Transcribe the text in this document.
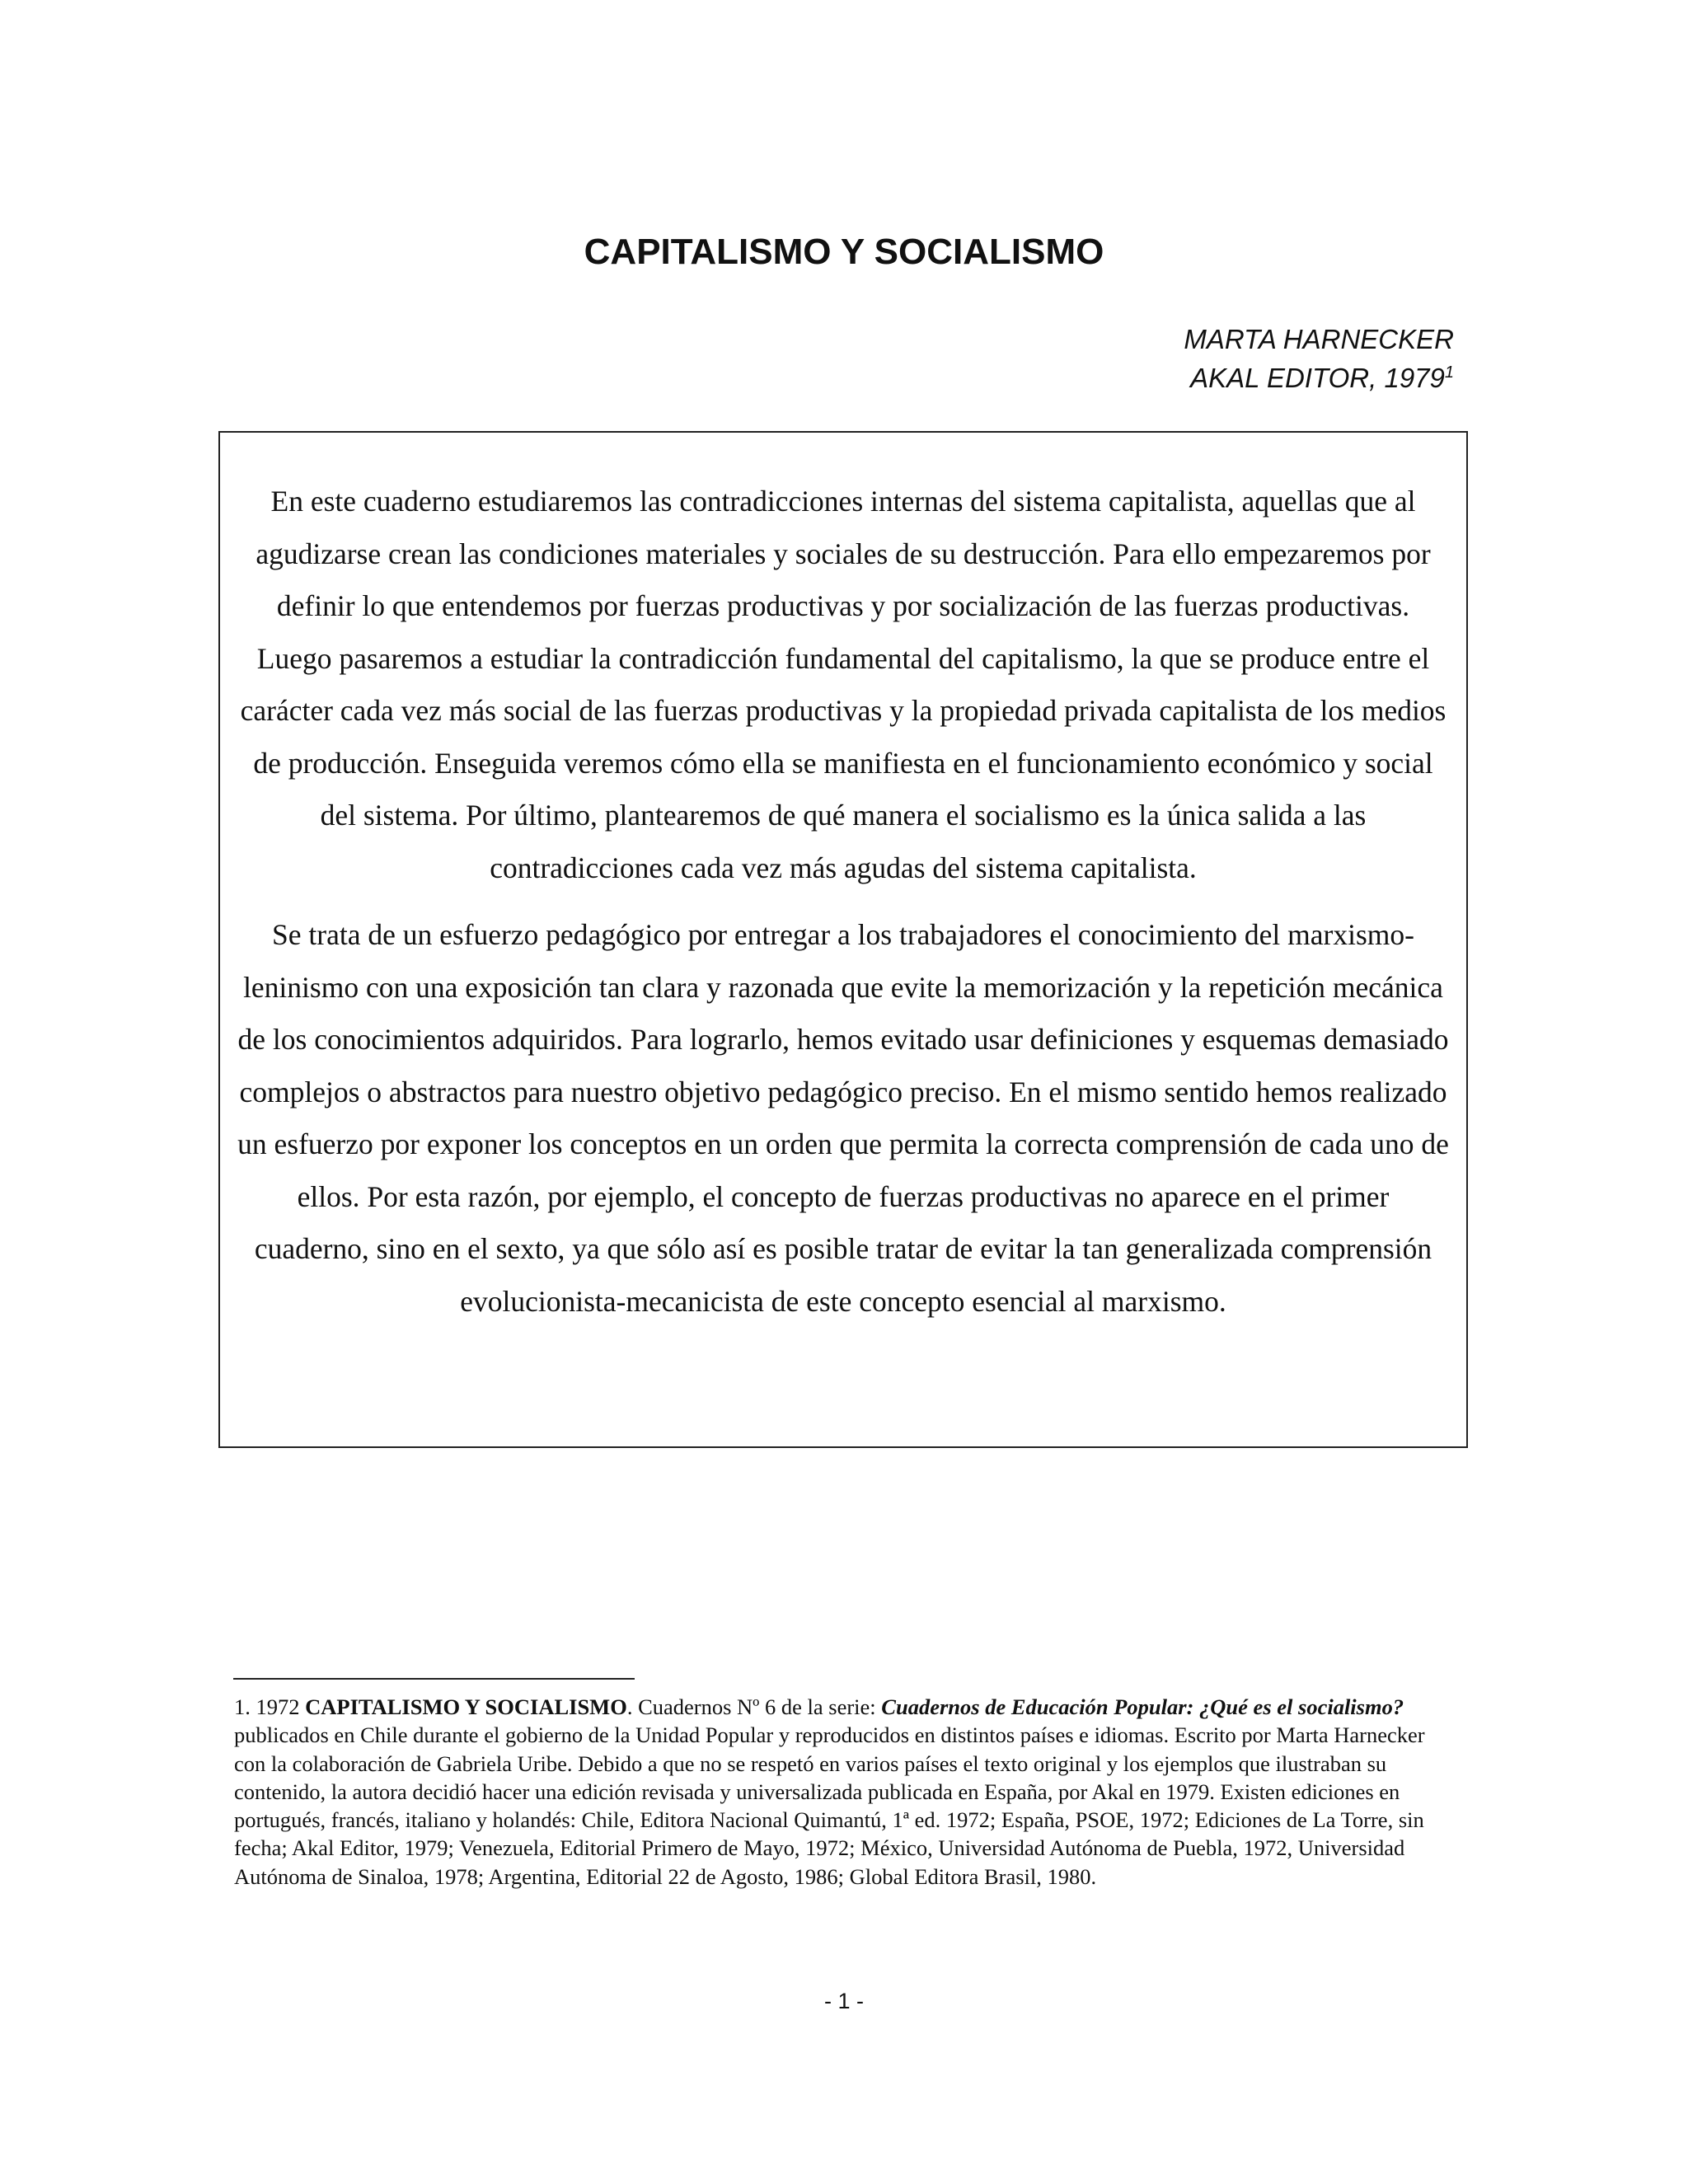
CAPITALISMO Y SOCIALISMO
MARTA HARNECKER
AKAL EDITOR, 1979$^1$

En este cuaderno estudiaremos las contradicciones internas del sistema capitalista, aquellas que al agudizarse crean las condiciones materiales y sociales de su destrucción. Para ello empezaremos por definir lo que entendemos por fuerzas productivas y por socialización de las fuerzas productivas. Luego pasaremos a estudiar la contradicción fundamental del capitalismo, la que se produce entre el carácter cada vez más social de las fuerzas productivas y la propiedad privada capitalista de los medios de producción. Enseguida veremos cómo ella se manifiesta en el funcionamiento económico y social del sistema. Por último, plantearemos de qué manera el socialismo es la única salida a las contradicciones cada vez más agudas del sistema capitalista.

Se trata de un esfuerzo pedagógico por entregar a los trabajadores el conocimiento del marxismo-leninismo con una exposición tan clara y razonada que evite la memorización y la repetición mecánica de los conocimientos adquiridos. Para lograrlo, hemos evitado usar definiciones y esquemas demasiado complejos o abstractos para nuestro objetivo pedagógico preciso. En el mismo sentido hemos realizado un esfuerzo por exponer los conceptos en un orden que permita la correcta comprensión de cada uno de ellos. Por esta razón, por ejemplo, el concepto de fuerzas productivas no aparece en el primer cuaderno, sino en el sexto, ya que sólo así es posible tratar de evitar la tan generalizada comprensión evolucionista-mecanicista de este concepto esencial al marxismo.

1. 1972 CAPITALISMO Y SOCIALISMO. Cuadernos Nº 6 de la serie: Cuadernos de Educación Popular: ¿Qué es el socialismo? publicados en Chile durante el gobierno de la Unidad Popular y reproducidos en distintos países e idiomas. Escrito por Marta Harnecker con la colaboración de Gabriela Uribe. Debido a que no se respetó en varios países el texto original y los ejemplos que ilustraban su contenido, la autora decidió hacer una edición revisada y universalizada publicada en España, por Akal en 1979. Existen ediciones en portugués, francés, italiano y holandés: Chile, Editora Nacional Quimantú, 1ª ed. 1972; España, PSOE, 1972; Ediciones de La Torre, sin fecha; Akal Editor, 1979; Venezuela, Editorial Primero de Mayo, 1972; México, Universidad Autónoma de Puebla, 1972, Universidad Autónoma de Sinaloa, 1978; Argentina, Editorial 22 de Agosto, 1986; Global Editora Brasil, 1980.

- 1 -
